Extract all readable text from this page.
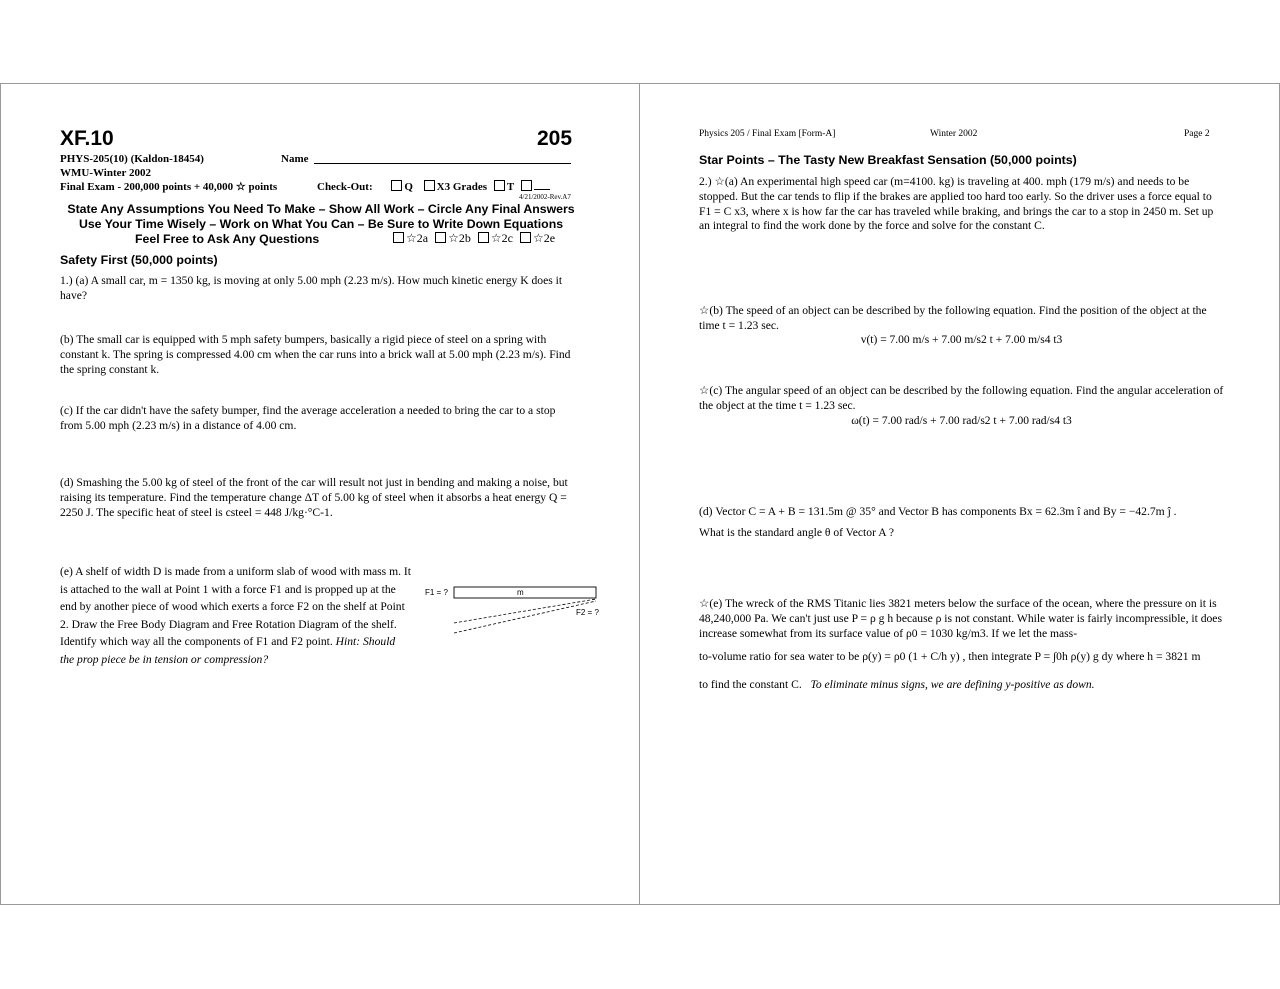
XF.10	205
PHYS-205(10) (Kaldon-18454)	Name
WMU-Winter 2002
Final Exam - 200,000 points + 40,000 ☆ points	Check-Out:	Q X3 Grades T
4/21/2002-Rev.A7
State Any Assumptions You Need To Make – Show All Work – Circle Any Final Answers
Use Your Time Wisely – Work on What You Can – Be Sure to Write Down Equations
Feel Free to Ask Any Questions	☆2a ☆2b ☆2c ☆2e
Safety First (50,000 points)
1.) (a) A small car, m = 1350 kg, is moving at only 5.00 mph (2.23 m/s). How much kinetic energy K does it have?
(b) The small car is equipped with 5 mph safety bumpers, basically a rigid piece of steel on a spring with constant k. The spring is compressed 4.00 cm when the car runs into a brick wall at 5.00 mph (2.23 m/s). Find the spring constant k.
(c) If the car didn't have the safety bumper, find the average acceleration a needed to bring the car to a stop from 5.00 mph (2.23 m/s) in a distance of 4.00 cm.
(d) Smashing the 5.00 kg of steel of the front of the car will result not just in bending and making a noise, but raising its temperature. Find the temperature change ΔT of 5.00 kg of steel when it absorbs a heat energy Q = 2250 J. The specific heat of steel is csteel = 448 J/kg·°C-1.
(e) A shelf of width D is made from a uniform slab of wood with mass m. It is attached to the wall at Point 1 with a force F1 and is propped up at the end by another piece of wood which exerts a force F2 on the shelf at Point 2. Draw the Free Body Diagram and Free Rotation Diagram of the shelf. Identify which way all the components of F1 and F2 point. Hint: Should the prop piece be in tension or compression?
F1 = ?	m
F2 = ?
Physics 205 / Final Exam [Form-A]	Winter 2002	Page 2
Star Points – The Tasty New Breakfast Sensation (50,000 points)
2.) ☆(a) An experimental high speed car (m=4100. kg) is traveling at 400. mph (179 m/s) and needs to be stopped. But the car tends to flip if the brakes are applied too hard too early. So the driver uses a force equal to F1 = C x3, where x is how far the car has traveled while braking, and brings the car to a stop in 2450 m. Set up an integral to find the work done by the force and solve for the constant C.
☆(b) The speed of an object can be described by the following equation. Find the position of the object at the time t = 1.23 sec.
v(t) = 7.00 m/s + 7.00 m/s2 t + 7.00 m/s4 t3
☆(c) The angular speed of an object can be described by the following equation. Find the angular acceleration of the object at the time t = 1.23 sec.
ω(t) = 7.00 rad/s + 7.00 rad/s2 t + 7.00 rad/s4 t3
(d) Vector C = A + B = 131.5m @ 35° and Vector B has components Bx = 62.3m î and By = −42.7m ĵ .
What is the standard angle θ of Vector A ?
☆(e) The wreck of the RMS Titanic lies 3821 meters below the surface of the ocean, where the pressure on it is 48,240,000 Pa. We can't just use P = ρ g h because ρ is not constant. While water is fairly incompressible, it does increase somewhat from its surface value of ρ0 = 1030 kg/m3. If we let the mass-
to-volume ratio for sea water to be ρ(y) = ρ0 (1 + C/h y) , then integrate P = ∫0h ρ(y) g dy where h = 3821 m
to find the constant C. To eliminate minus signs, we are defining y-positive as down.
